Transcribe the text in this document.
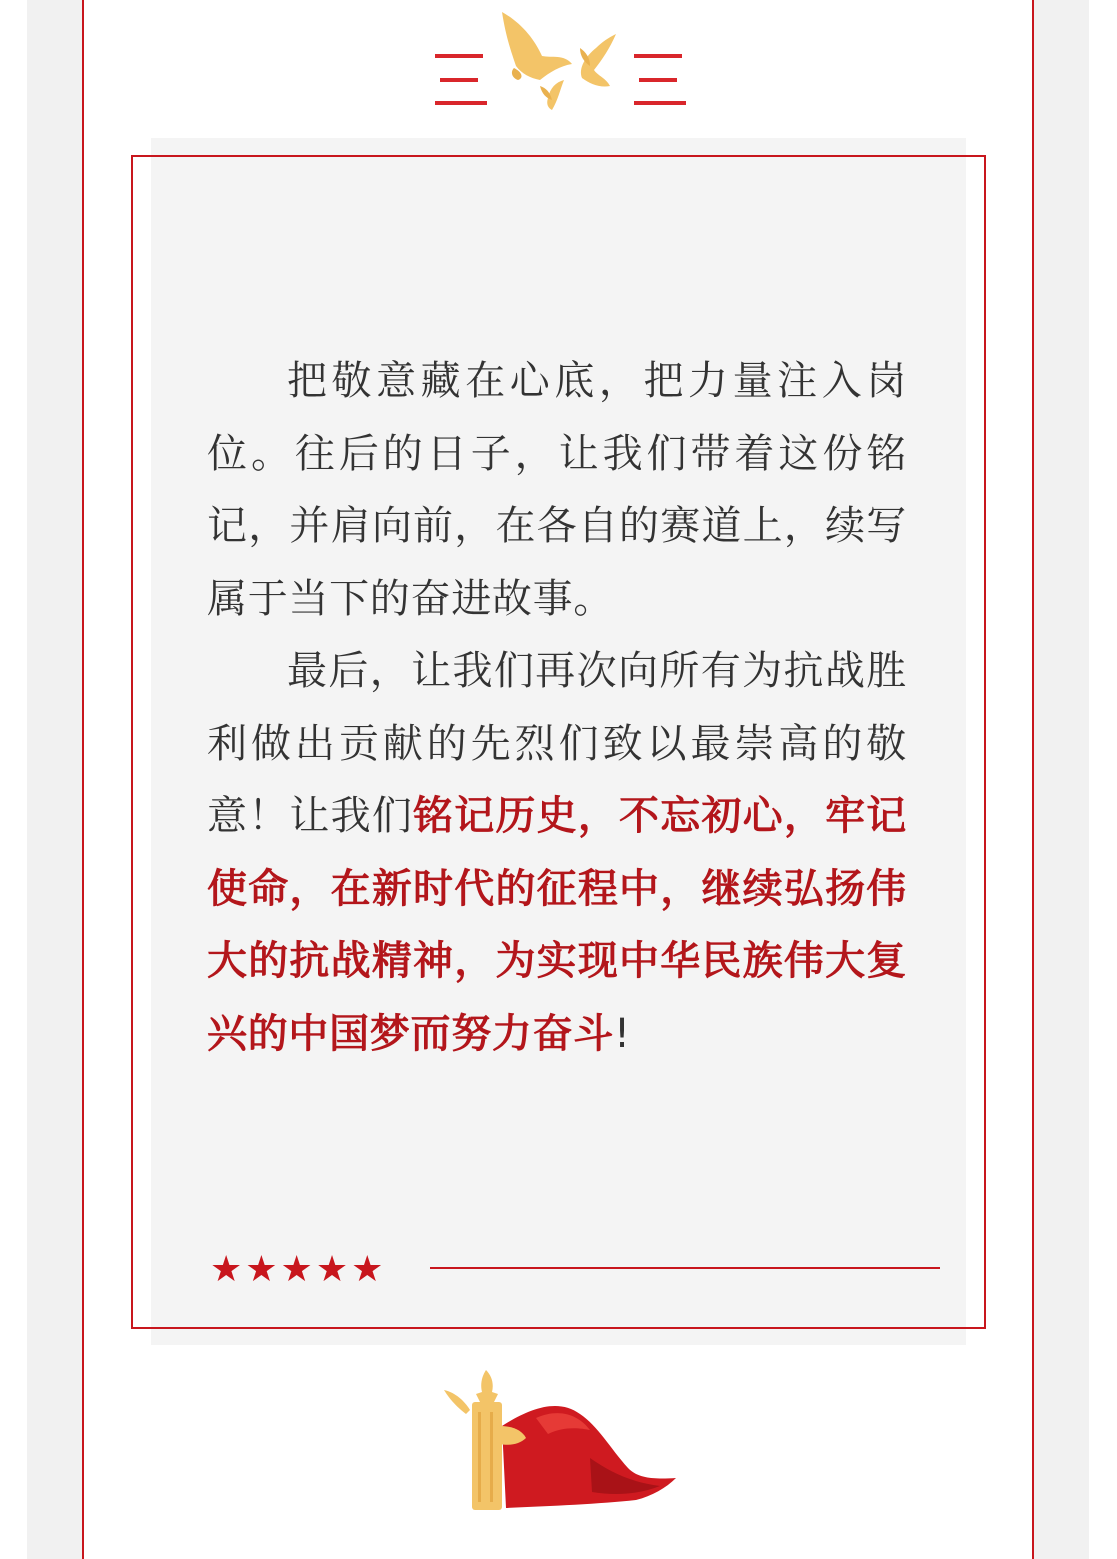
把敬意藏在心底，把力量注入岗位。往后的日子，让我们带着这份铭记，并肩向前，在各自的赛道上，续写属于当下的奋进故事。

最后，让我们再次向所有为抗战胜利做出贡献的先烈们致以最崇高的敬意！让我们铭记历史，不忘初心，牢记使命，在新时代的征程中，继续弘扬伟大的抗战精神，为实现中华民族伟大复兴的中国梦而努力奋斗!

★★★★★
